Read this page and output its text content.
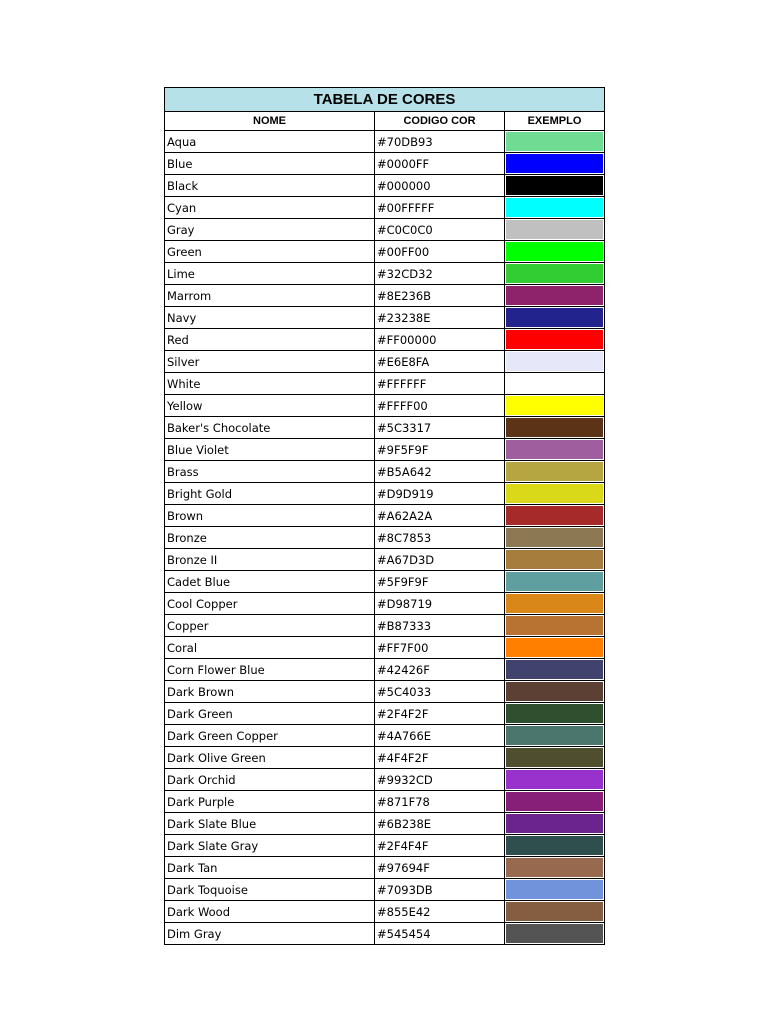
TABELA DE CORES		
NOME	CODIGO COR	EXEMPLO
Aqua	#70DB93	

Blue	#0000FF	

Black	#000000	

Cyan	#00FFFFF	

Gray	#C0C0C0	

Green	#00FF00	

Lime	#32CD32	

Marrom	#8E236B	

Navy	#23238E	

Red	#FF00000	

Silver	#E6E8FA	

White	#FFFFFF	

Yellow	#FFFF00	

Baker's Chocolate	#5C3317	

Blue Violet	#9F5F9F	

Brass	#B5A642	

Bright Gold	#D9D919	

Brown	#A62A2A	

Bronze	#8C7853	

Bronze II	#A67D3D	

Cadet Blue	#5F9F9F	

Cool Copper	#D98719	

Copper	#B87333	

Coral	#FF7F00	

Corn Flower Blue	#42426F	

Dark Brown	#5C4033	

Dark Green	#2F4F2F	

Dark Green Copper	#4A766E	

Dark Olive Green	#4F4F2F	

Dark Orchid	#9932CD	

Dark Purple	#871F78	

Dark Slate Blue	#6B238E	

Dark Slate Gray	#2F4F4F	

Dark Tan	#97694F	

Dark Toquoise	#7093DB	

Dark Wood	#855E42	

Dim Gray	#545454	
